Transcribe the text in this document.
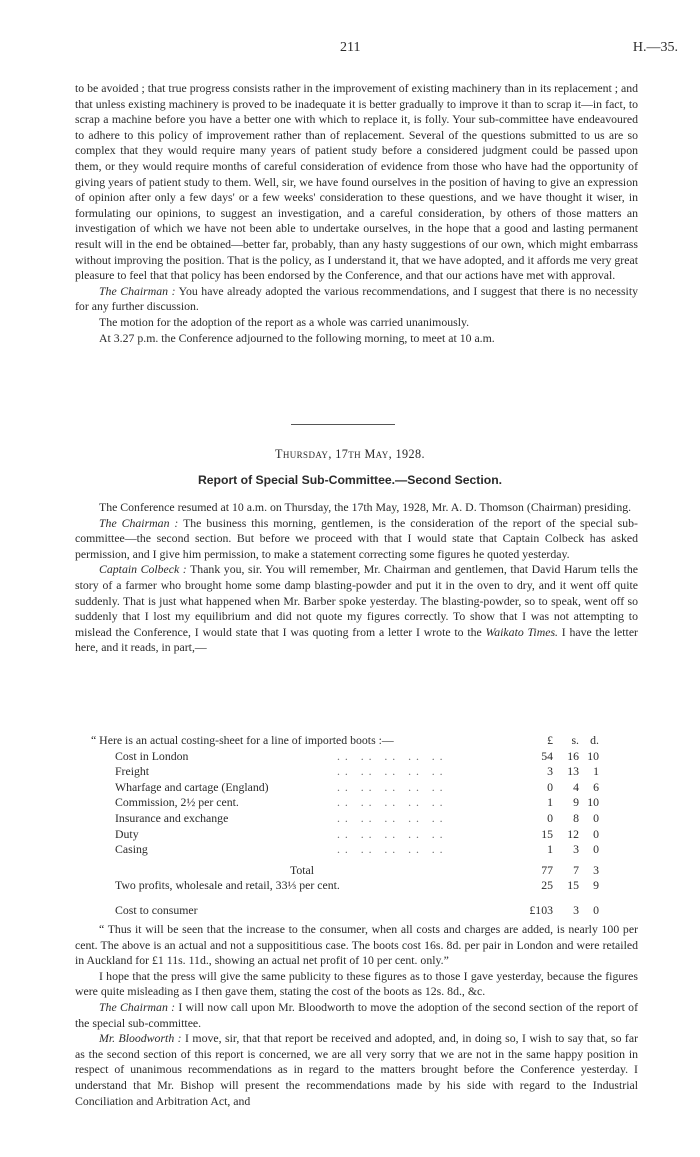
211	H.—35.

to be avoided ; that true progress consists rather in the improvement of existing machinery than in its replacement ; and that unless existing machinery is proved to be inadequate it is better gradually to improve it than to scrap it—in fact, to scrap a machine before you have a better one with which to replace it, is folly. Your sub-committee have endeavoured to adhere to this policy of improvement rather than of replacement. Several of the questions submitted to us are so complex that they would require many years of patient study before a considered judgment could be passed upon them, or they would require months of careful consideration of evidence from those who have had the opportunity of giving years of patient study to them. Well, sir, we have found ourselves in the position of having to give an expression of opinion after only a few days' or a few weeks' consideration to these questions, and we have thought it wiser, in formulating our opinions, to suggest an investigation, and a careful consideration, by others of those matters an investigation of which we have not been able to undertake ourselves, in the hope that a good and lasting permanent result will in the end be obtained—better far, probably, than any hasty suggestions of our own, which might embarrass without improving the position. That is the policy, as I understand it, that we have adopted, and it affords me very great pleasure to feel that that policy has been endorsed by the Conference, and that our actions have met with approval.

The Chairman : You have already adopted the various recommendations, and I suggest that there is no necessity for any further discussion.

The motion for the adoption of the report as a whole was carried unanimously.

At 3.27 p.m. the Conference adjourned to the following morning, to meet at 10 a.m.

Thursday, 17th May, 1928.
Report of Special Sub-Committee.—Second Section.

The Conference resumed at 10 a.m. on Thursday, the 17th May, 1928, Mr. A. D. Thomson (Chairman) presiding.

The Chairman : The business this morning, gentlemen, is the consideration of the report of the special sub-committee—the second section. But before we proceed with that I would state that Captain Colbeck has asked permission, and I give him permission, to make a statement correcting some figures he quoted yesterday.

Captain Colbeck : Thank you, sir. You will remember, Mr. Chairman and gentlemen, that David Harum tells the story of a farmer who brought home some damp blasting-powder and put it in the oven to dry, and it went off quite suddenly. That is just what happened when Mr. Barber spoke yesterday. The blasting-powder, so to speak, went off so suddenly that I lost my equilibrium and did not quote my figures correctly. To show that I was not attempting to mislead the Conference, I would state that I was quoting from a letter I wrote to the Waikato Times. I have the letter here, and it reads, in part,—

“ Here is an actual costing-sheet for a line of imported boots :—	£	s. d.
Cost in London	. .   . .   . .   . .   . .	54	16 10
Freight	. .   . .   . .   . .   . .	3	13	1
Wharfage and cartage (England)	. .   . .   . .   . .   . .	0	4	6
Commission, 2½ per cent.	. .   . .   . .   . .   . .	1	9 10
Insurance and exchange	. .   . .   . .   . .   . .	0	8	0
Duty	. .   . .   . .   . .   . .	15	12	0
Casing	. .   . .   . .   . .   . .	1	3	0
Total	77	7	3
Two profits, wholesale and retail, 33⅓ per cent.	25	15	9
Cost to consumer	£103	3	0

“ Thus it will be seen that the increase to the consumer, when all costs and charges are added, is nearly 100 per cent. The above is an actual and not a supposititious case. The boots cost 16s. 8d. per pair in London and were retailed in Auckland for £1 11s. 11d., showing an actual net profit of 10 per cent. only.”

I hope that the press will give the same publicity to these figures as to those I gave yesterday, because the figures were quite misleading as I then gave them, stating the cost of the boots as 12s. 8d., &c.

The Chairman : I will now call upon Mr. Bloodworth to move the adoption of the second section of the report of the special sub-committee.

Mr. Bloodworth : I move, sir, that that report be received and adopted, and, in doing so, I wish to say that, so far as the second section of this report is concerned, we are all very sorry that we are not in the same happy position in respect of unanimous recommendations as in regard to the matters brought before the Conference yesterday. I understand that Mr. Bishop will present the recommendations made by his side with regard to the Industrial Conciliation and Arbitration Act, and
